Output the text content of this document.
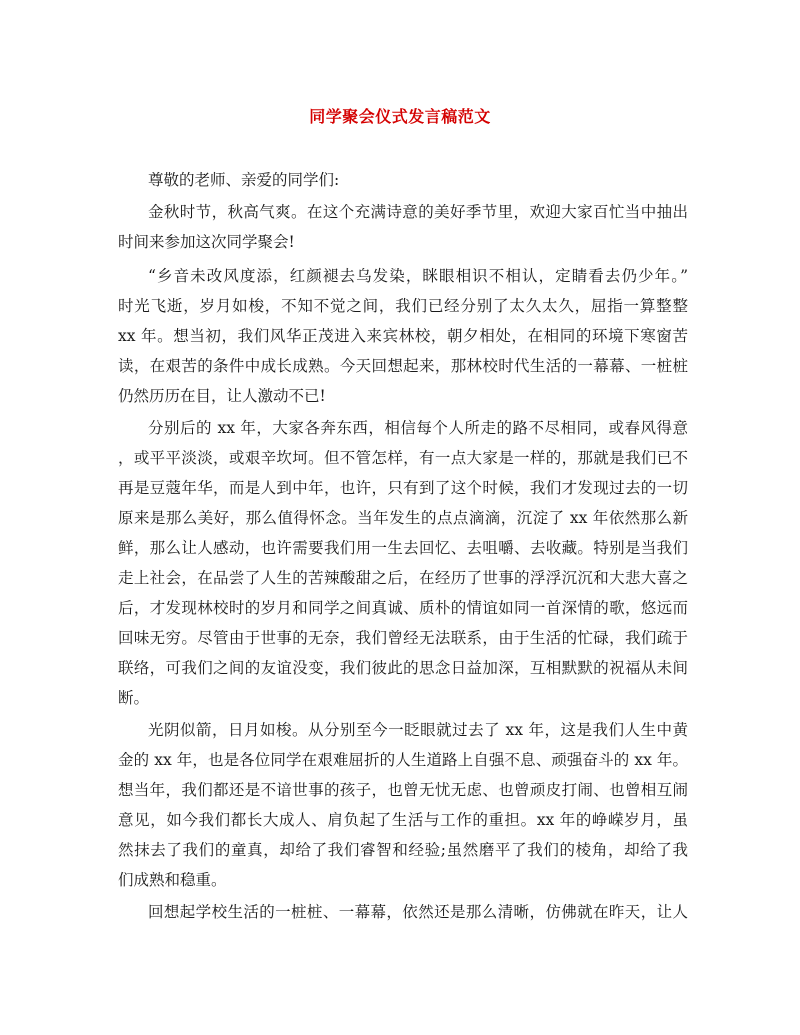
同学聚会仪式发言稿范文
尊敬的老师、亲爱的同学们:
金秋时节，秋高气爽。在这个充满诗意的美好季节里，欢迎大家百忙当中抽出
时间来参加这次同学聚会!
“乡音未改风度添，红颜褪去乌发染，眯眼相识不相认，定睛看去仍少年。”
时光飞逝，岁月如梭，不知不觉之间，我们已经分别了太久太久，屈指一算整整
xx 年。想当初，我们风华正茂进入来宾林校，朝夕相处，在相同的环境下寒窗苦
读，在艰苦的条件中成长成熟。今天回想起来，那林校时代生活的一幕幕、一桩桩
仍然历历在目，让人激动不已!
分别后的 xx 年，大家各奔东西，相信每个人所走的路不尽相同，或春风得意
，或平平淡淡，或艰辛坎坷。但不管怎样，有一点大家是一样的，那就是我们已不
再是豆蔻年华，而是人到中年，也许，只有到了这个时候，我们才发现过去的一切
原来是那么美好，那么值得怀念。当年发生的点点滴滴，沉淀了 xx 年依然那么新
鲜，那么让人感动，也许需要我们用一生去回忆、去咀嚼、去收藏。特别是当我们
走上社会，在品尝了人生的苦辣酸甜之后，在经历了世事的浮浮沉沉和大悲大喜之
后，才发现林校时的岁月和同学之间真诚、质朴的情谊如同一首深情的歌，悠远而
回味无穷。尽管由于世事的无奈，我们曾经无法联系，由于生活的忙碌，我们疏于
联络，可我们之间的友谊没变，我们彼此的思念日益加深，互相默默的祝福从未间
断。
光阴似箭，日月如梭。从分别至今一眨眼就过去了 xx 年，这是我们人生中黄
金的 xx 年，也是各位同学在艰难屈折的人生道路上自强不息、顽强奋斗的 xx 年。
想当年，我们都还是不谙世事的孩子，也曾无忧无虑、也曾顽皮打闹、也曾相互闹
意见，如今我们都长大成人、肩负起了生活与工作的重担。xx 年的峥嵘岁月，虽
然抹去了我们的童真，却给了我们睿智和经验;虽然磨平了我们的棱角，却给了我
们成熟和稳重。
回想起学校生活的一桩桩、一幕幕，依然还是那么清晰，仿佛就在昨天，让人
